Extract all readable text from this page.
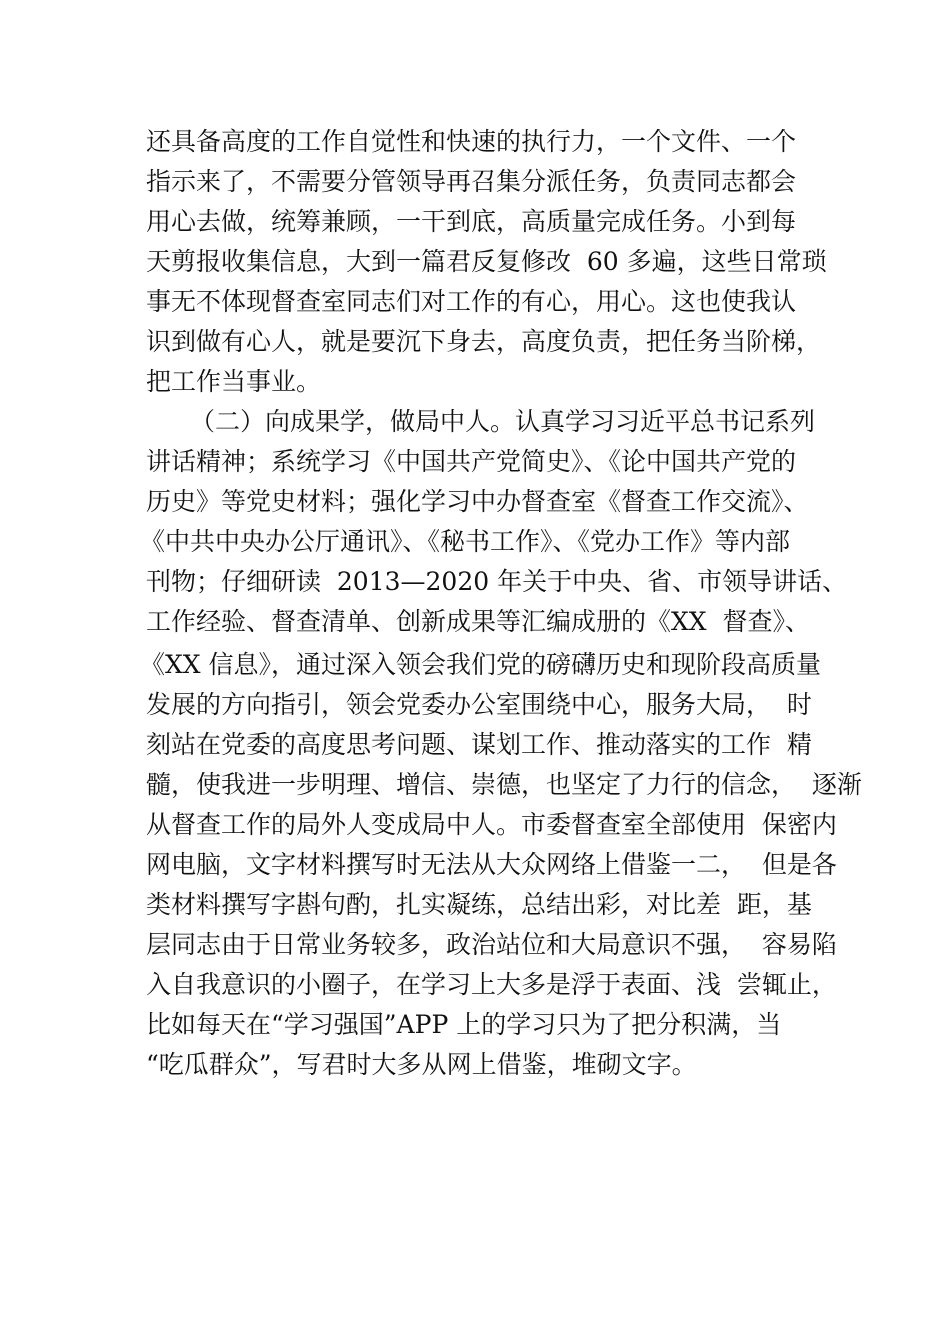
还具备高度的工作自觉性和快速的执行力，一个文件、一个

指示来了，不需要分管领导再召集分派任务，负责同志都会

用心去做，统筹兼顾，一干到底，高质量完成任务。小到每

天剪报收集信息，大到一篇君反复修改  60 多遍，这些日常琐

事无不体现督查室同志们对工作的有心，用心。这也使我认

识到做有心人，就是要沉下身去，高度负责，把任务当阶梯，

把工作当事业。

（二）向成果学，做局中人。认真学习习近平总书记系列

讲话精神；系统学习《中国共产党简史》、《论中国共产党的

历史》等党史材料；强化学习中办督查室《督查工作交流》、

《中共中央办公厅通讯》、《秘书工作》、《党办工作》等内部

刊物；仔细研读  2013—2020 年关于中央、省、市领导讲话、

工作经验、督查清单、创新成果等汇编成册的《XX  督查》、

《XX 信息》，通过深入领会我们党的磅礴历史和现阶段高质量

发展的方向指引，领会党委办公室围绕中心，服务大局，  时

刻站在党委的高度思考问题、谋划工作、推动落实的工作  精

髓，使我进一步明理、增信、崇德，也坚定了力行的信念，  逐渐

从督查工作的局外人变成局中人。市委督查室全部使用  保密内

网电脑，文字材料撰写时无法从大众网络上借鉴一二，  但是各

类材料撰写字斟句酌，扎实凝练，总结出彩，对比差  距，基

层同志由于日常业务较多，政治站位和大局意识不强，  容易陷

入自我意识的小圈子，在学习上大多是浮于表面、浅  尝辄止，

比如每天在“学习强国”APP 上的学习只为了把分积满，当

“吃瓜群众”，写君时大多从网上借鉴，堆砌文字。
